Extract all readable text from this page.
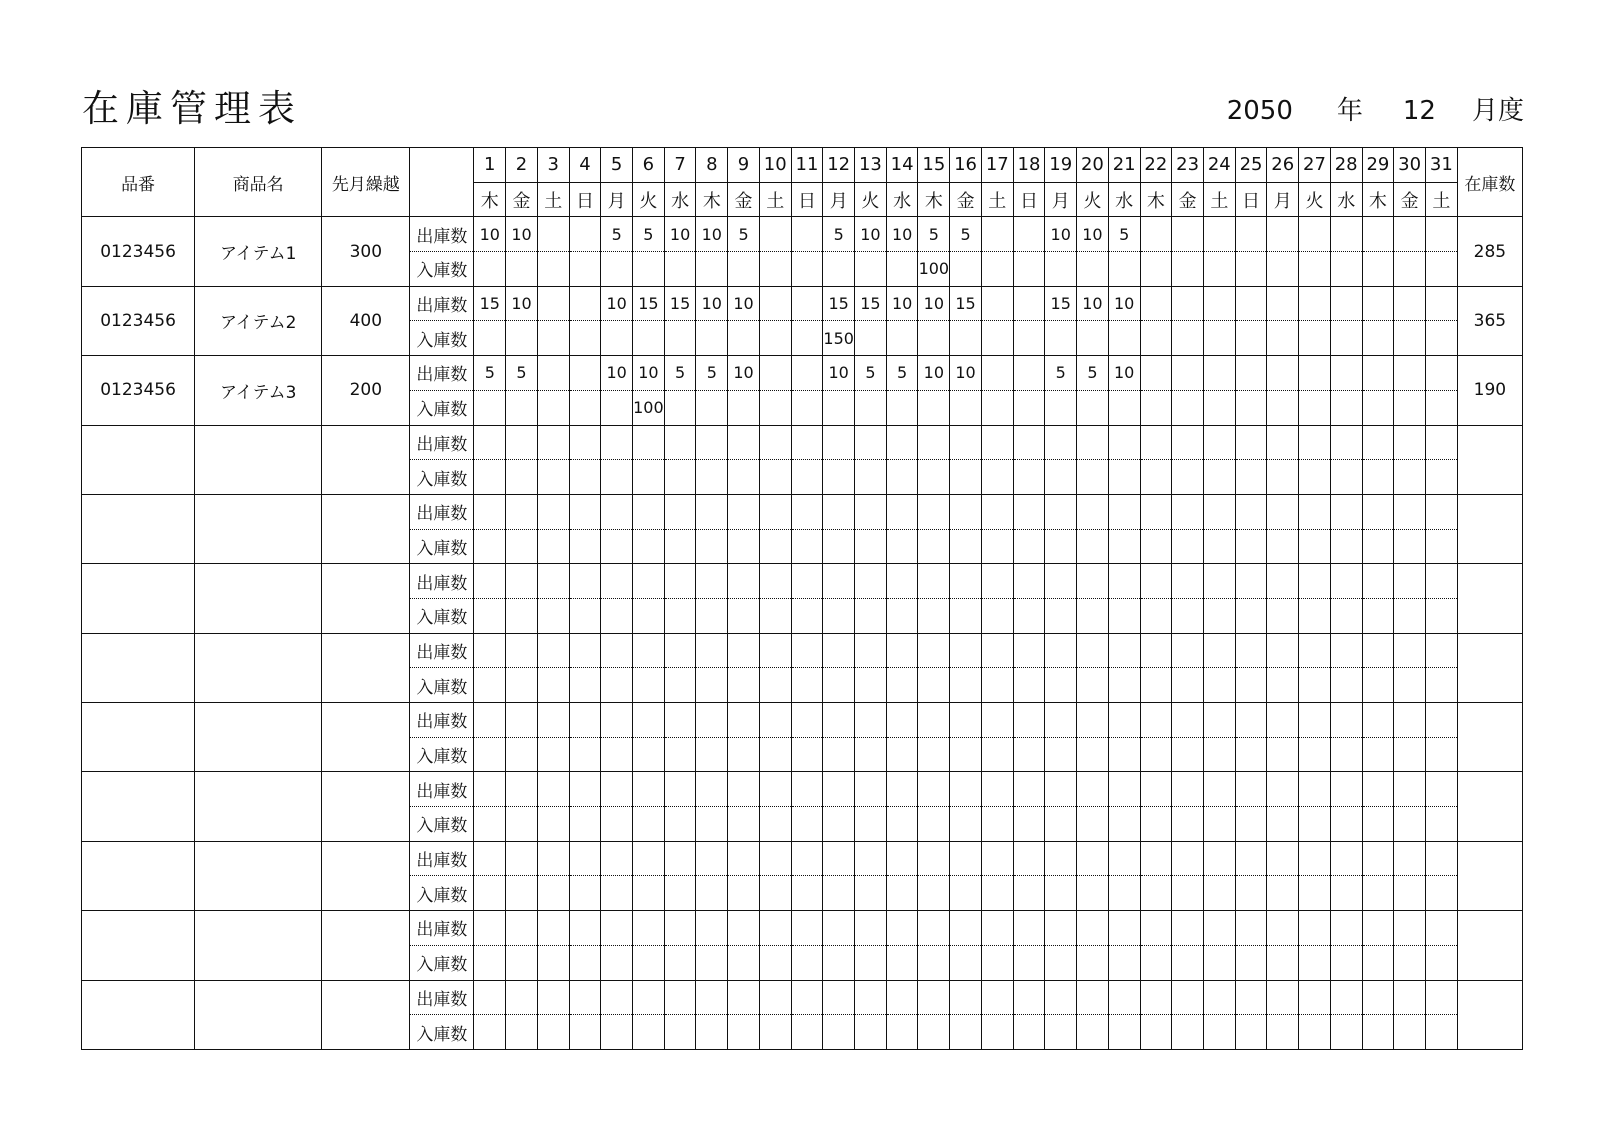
在庫管理表	2050 年 12 月度
品番	商品名	先月繰越		1	2	3	4	5	6	7	8	9	10	11	12	13	14	15	16	17	18	19	20	21	22	23	24	25	26	27	28	29	30	31	在庫数
				木	金	土	日	月	火	水	木	金	土	日	月	火	水	木	金	土	日	月	火	水	木	金	土	日	月	火	水	木	金	土	
0123456	アイテム1	300	出庫数	10	10			5	5	10	10	5			5	10	10	5	5			10	10	5											285
			入庫数															100																	
0123456	アイテム2	400	出庫数	15	10			10	15	15	10	10			15	15	10	10	15			15	10	10											365
			入庫数												150																				
0123456	アイテム3	200	出庫数	5	5			10	10	5	5	10			10	5	5	10	10			5	5	10											190
			入庫数						100																										
			出庫数																																
			入庫数																																
			出庫数																																
			入庫数																																
			出庫数																																
			入庫数																																
			出庫数																																
			入庫数																																
			出庫数																																
			入庫数																																
			出庫数																																
			入庫数																																
			出庫数																																
			入庫数																																
			出庫数																																
			入庫数																																
			出庫数																																
			入庫数																																
